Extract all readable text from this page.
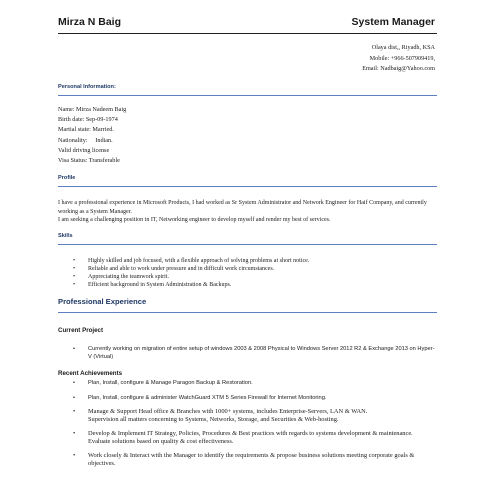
Mirza N Baig	System Manager
Olaya dist,, Riyadh, KSA
Mobile: +966-507909419,
Email: Nadbaig@Yahoo.com
Personal Information:
Name: Mirza Nadeem Baig
Birth date: Sep-09-1974
Martial state: Married.
Nationality:     Indian.
Valid driving license
Visa Status: Transferable
Profile

I have a professional experience in Microsoft Products, I had worked as Sr System Administrator and Network Engineer for Haif Company, and currently working as a System Manager.

I am seeking a challenging position in IT, Networking engineer to develop myself and render my best of services.

Skills
• Highly skilled and job focused, with a flexible approach of solving problems at short notice.
• Reliable and able to work under pressure and in difficult work circumstances.
• Appreciating the teamwork spirit.
• Efficient background in System Administration & Backups.
Professional Experience
Current Project
• Currently working on migration of entire setup of windows 2003 & 2008 Physical to Windows Server 2012 R2 & Exchange 2013 on Hyper-V (Virtual)
Recent Achievements
• Plan, Install, configure & Manage Paragon Backup & Restoration.
• Plan, Install, configure & administer WatchGuard XTM 5 Series Firewall for Internet Monitoring.
• Manage & Support Head office & Branches with 1000+ systems, includes Enterprise-Servers, LAN & WAN.
Supervision all matters concerning to Systems, Networks, Storage, and Securities & Web-hosting.
• Develop & Implement IT Strategy, Policies, Procedures & Best practices with regards to systems development & maintenance. Evaluate solutions based on quality & cost effectiveness.
• Work closely & Interact with the Manager to identify the requirements & propose business solutions meeting corporate goals & objectives.
